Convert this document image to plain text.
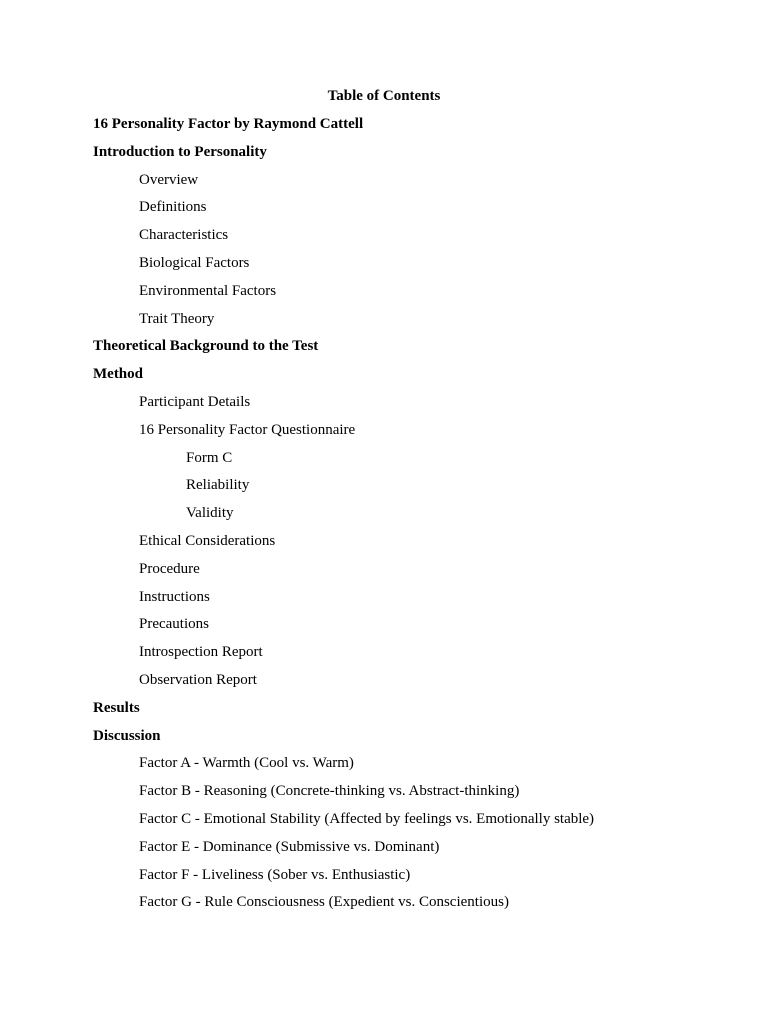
Table of Contents
16 Personality Factor by Raymond Cattell
Introduction to Personality
Overview
Definitions
Characteristics
Biological Factors
Environmental Factors
Trait Theory
Theoretical Background to the Test
Method
Participant Details
16 Personality Factor Questionnaire
Form C
Reliability
Validity
Ethical Considerations
Procedure
Instructions
Precautions
Introspection Report
Observation Report
Results
Discussion
Factor A - Warmth (Cool vs. Warm)
Factor B - Reasoning (Concrete-thinking vs. Abstract-thinking)
Factor C - Emotional Stability (Affected by feelings vs. Emotionally stable)
Factor E - Dominance (Submissive vs. Dominant)
Factor F - Liveliness (Sober vs. Enthusiastic)
Factor G - Rule Consciousness (Expedient vs. Conscientious)
